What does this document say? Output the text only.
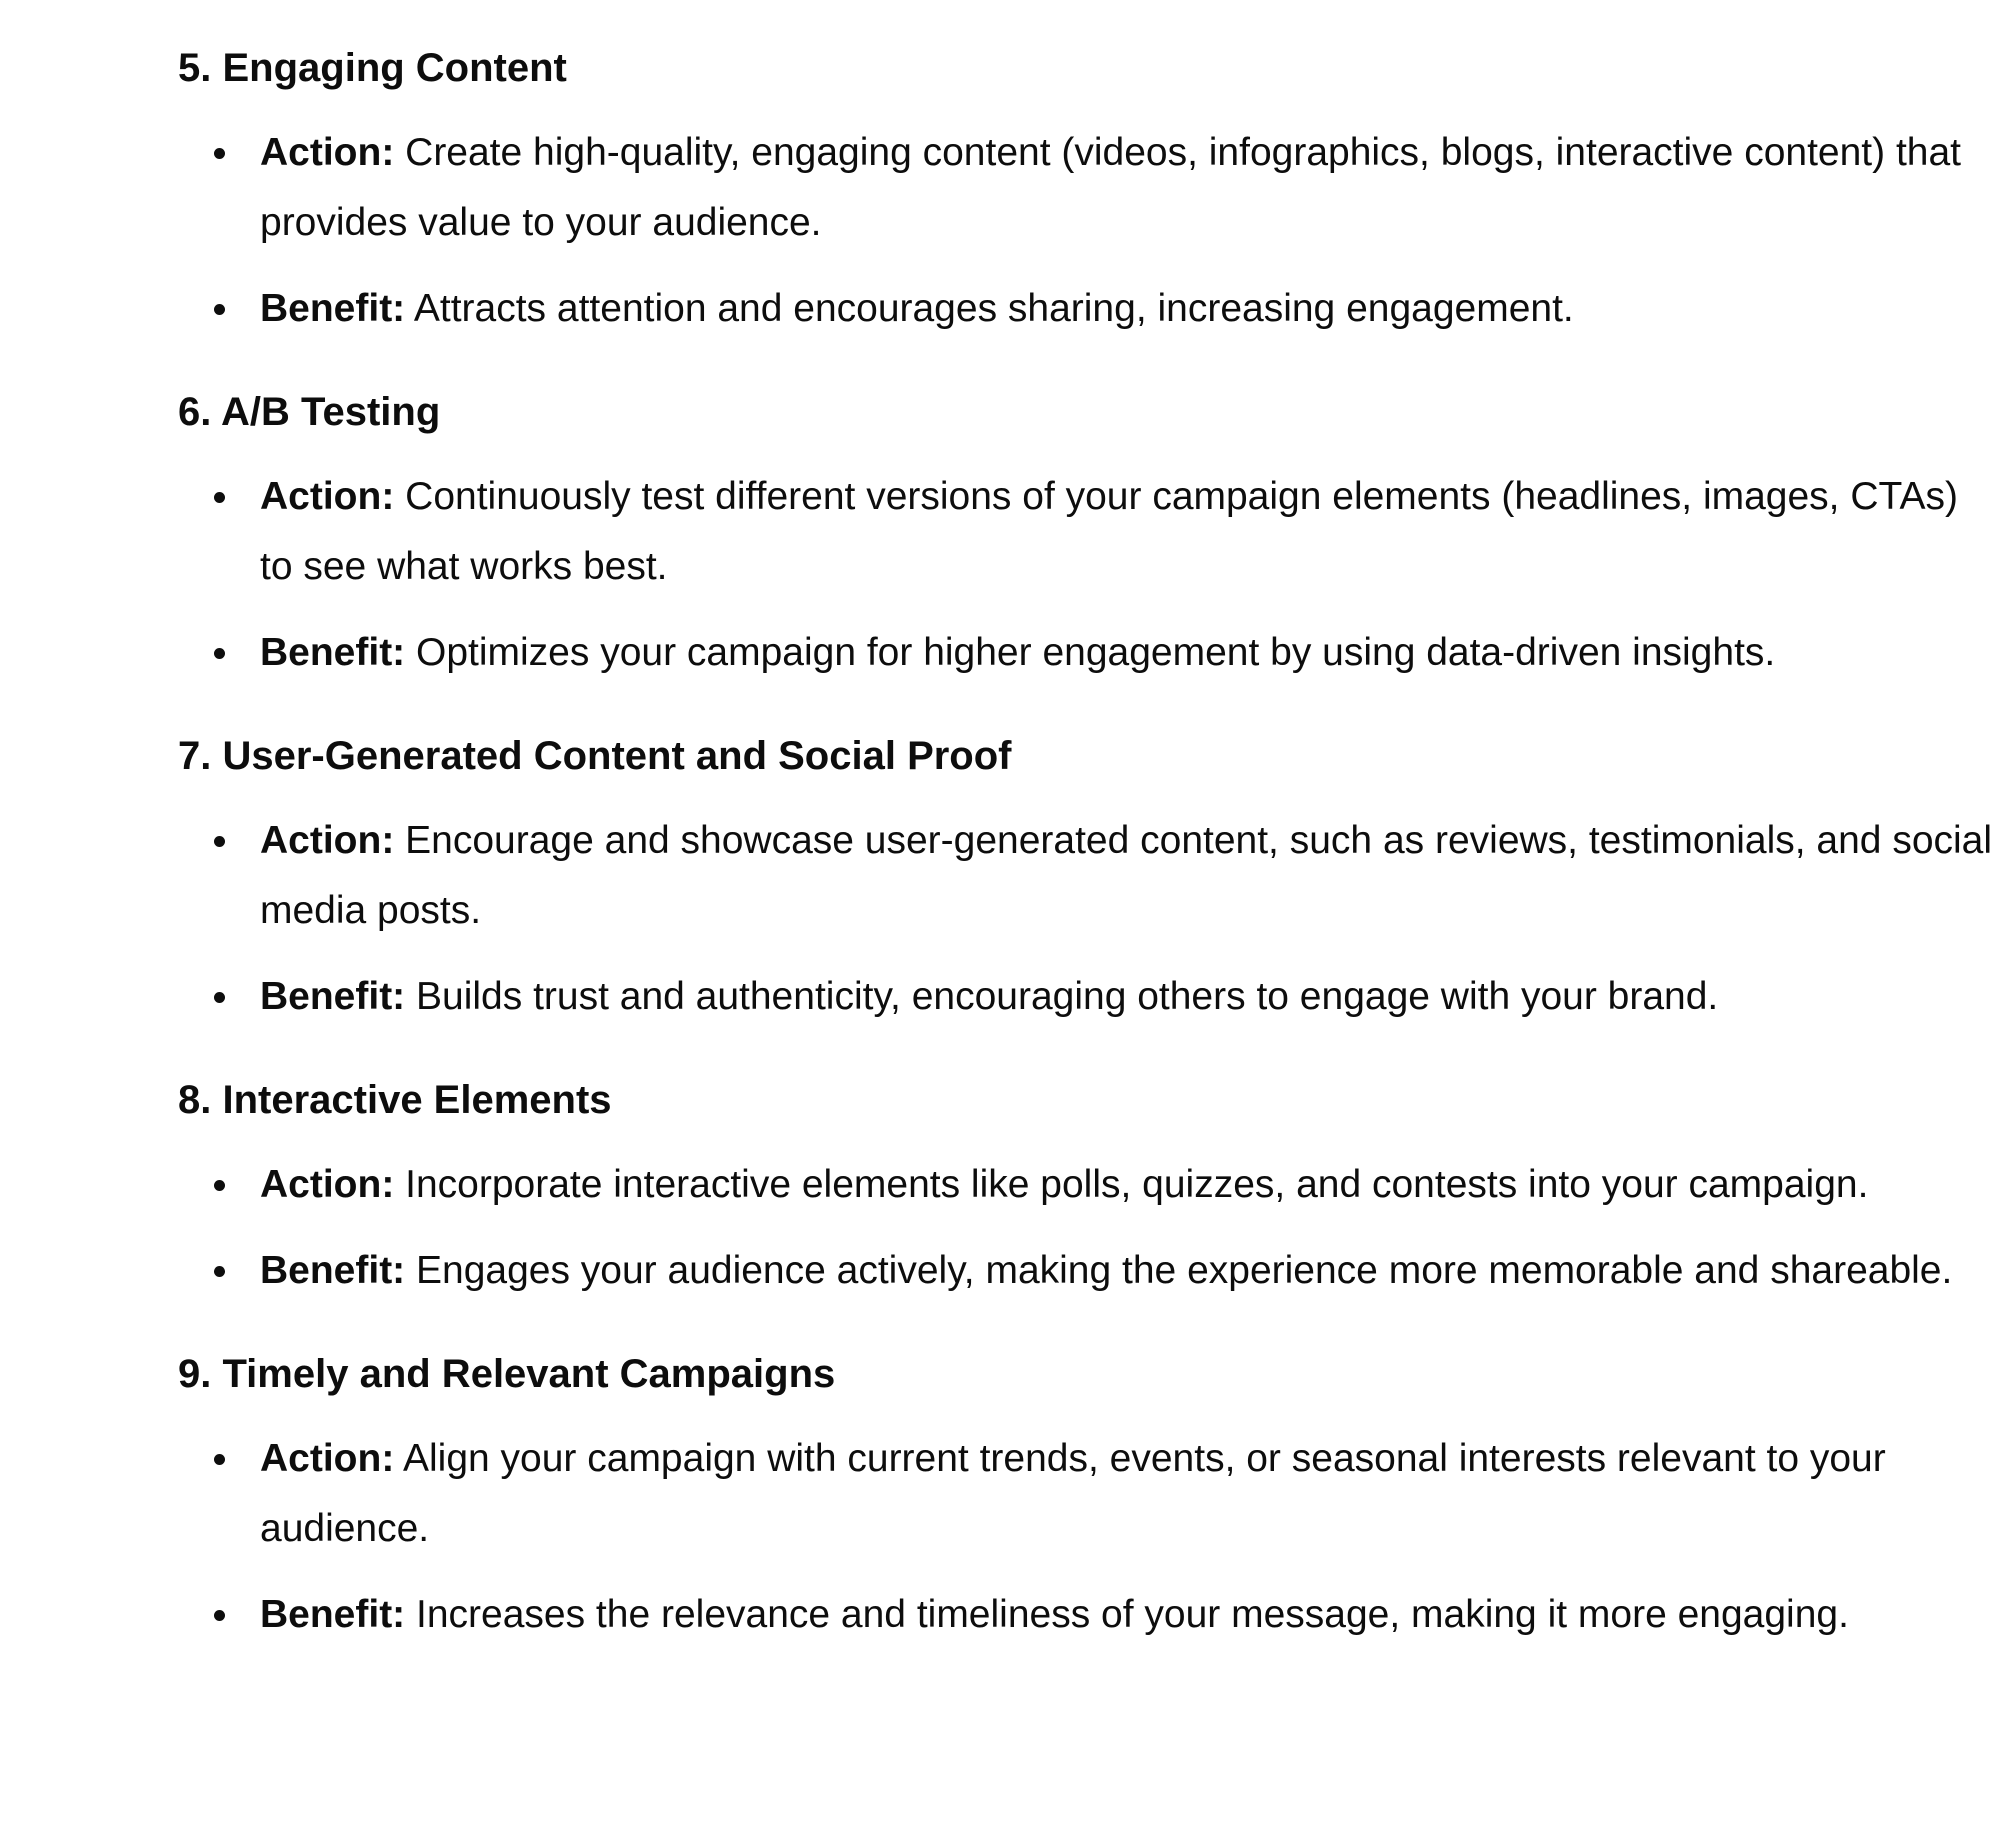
5. Engaging Content
Action: Create high-quality, engaging content (videos, infographics, blogs, interactive content) that provides value to your audience.
Benefit: Attracts attention and encourages sharing, increasing engagement.
6. A/B Testing
Action: Continuously test different versions of your campaign elements (headlines, images, CTAs) to see what works best.
Benefit: Optimizes your campaign for higher engagement by using data-driven insights.
7. User-Generated Content and Social Proof
Action: Encourage and showcase user-generated content, such as reviews, testimonials, and social media posts.
Benefit: Builds trust and authenticity, encouraging others to engage with your brand.
8. Interactive Elements
Action: Incorporate interactive elements like polls, quizzes, and contests into your campaign.
Benefit: Engages your audience actively, making the experience more memorable and shareable.
9. Timely and Relevant Campaigns
Action: Align your campaign with current trends, events, or seasonal interests relevant to your audience.
Benefit: Increases the relevance and timeliness of your message, making it more engaging.
